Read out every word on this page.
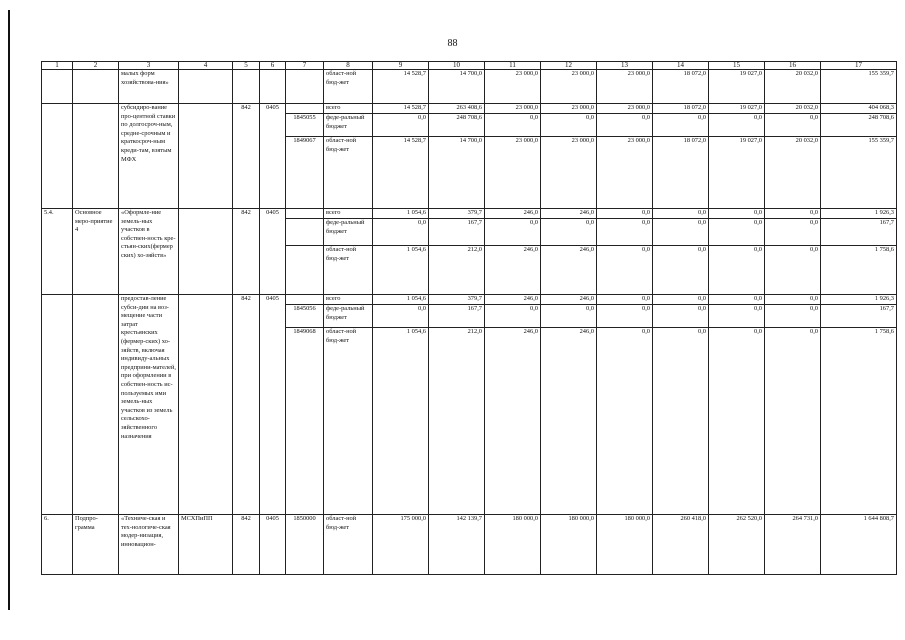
88
1	2	3	4	5	6	7	8	9	10	11	12	13	14	15	16	17
		малых форм хозяйствова-ния»					област-ной бюд-жет	14 528,7	14 700,0	23 000,0	23 000,0	23 000,0	18 072,0	19 027,0	20 032,0	155 359,7
		субсидиро-вание про-центной ставки по долгосроч-ным, средне-срочным и краткосроч-ным креди-там, взятым МФХ		842	0405		всего	14 528,7	263 408,6	23 000,0	23 000,0	23 000,0	18 072,0	19 027,0	20 032,0	404 068,3
						1845055	феде-ральный бюджет	0,0	248 708,6	0,0	0,0	0,0	0,0	0,0	0,0	248 708,6
						1849067	област-ной бюд-жет	14 528,7	14 700,0	23 000,0	23 000,0	23 000,0	18 072,0	19 027,0	20 032,0	155 359,7
5.4.	Основное меро-приятие 4	«Оформле-ние земель-ных участков в собствен-ность кре-стьян-ских(фермер ских) хо-зяйств»		842	0405		всего	1 054,6	379,7	246,0	246,0	0,0	0,0	0,0	0,0	1 926,3
							феде-ральный бюджет	0,0	167,7	0,0	0,0	0,0	0,0	0,0	0,0	167,7
							област-ной бюд-жет	1 054,6	212,0	246,0	246,0	0,0	0,0	0,0	0,0	1 758,6
		предостав-ление субси-дии на воз-мещение части затрат крестьянских (фермер-ских) хо-зяйств, включая индивиду-альных предприни-мателей, при оформлении в собствен-ность ис-пользуемых ими земель-ных участков из земель сельскохо-зяйственного назначения		842	0405		всего	1 054,6	379,7	246,0	246,0	0,0	0,0	0,0	0,0	1 926,3
						1845056	феде-ральный бюджет	0,0	167,7	0,0	0,0	0,0	0,0	0,0	0,0	167,7
						1849068	област-ной бюд-жет	1 054,6	212,0	246,0	246,0	0,0	0,0	0,0	0,0	1 758,6
6.	Подпро-грамма	«Техниче-ская и тех-нологиче-ская модер-низация, инновацион-	МСХПиПП	842	0405	1850000	област-ной бюд-жет	175 000,0	142 139,7	180 000,0	180 000,0	180 000,0	260 418,0	262 520,0	264 731,0	1 644 808,7
